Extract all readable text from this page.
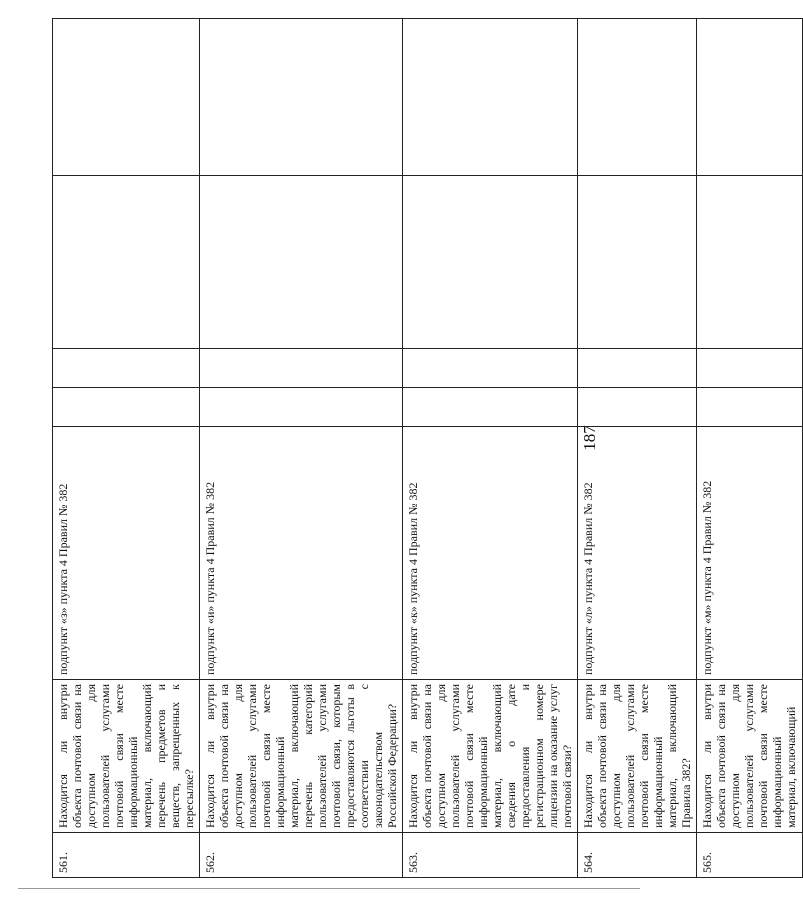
187
561.	Находится ли внутри объекта почтовой связи на доступном для пользователей услугами почтовой связи месте информационный материал, включающий перечень предметов и веществ, запрещенных к пересылке?	подпункт «з» пункта 4 Правил № 382				
562.	Находится ли внутри объекта почтовой связи на доступном для пользователей услугами почтовой связи месте информационный материал, включающий перечень категорий пользователей услугами почтовой связи, которым предоставляются льготы в соответствии с законодательством Российской Федерации?	подпункт «и» пункта 4 Правил № 382				
563.	Находится ли внутри объекта почтовой связи на доступном для пользователей услугами почтовой связи месте информационный материал, включающий сведения о дате предоставления и регистрационном номере лицензии на оказание услуг почтовой связи?	подпункт «к» пункта 4 Правил № 382				
564.	Находится ли внутри объекта почтовой связи на доступном для пользователей услугами почтовой связи месте информационный материал, включающий Правила 382?	подпункт «л» пункта 4 Правил № 382				
565.	Находится ли внутри объекта почтовой связи на доступном для пользователей услугами почтовой связи месте информационный материал, включающий	подпункт «м» пункта 4 Правил № 382				
